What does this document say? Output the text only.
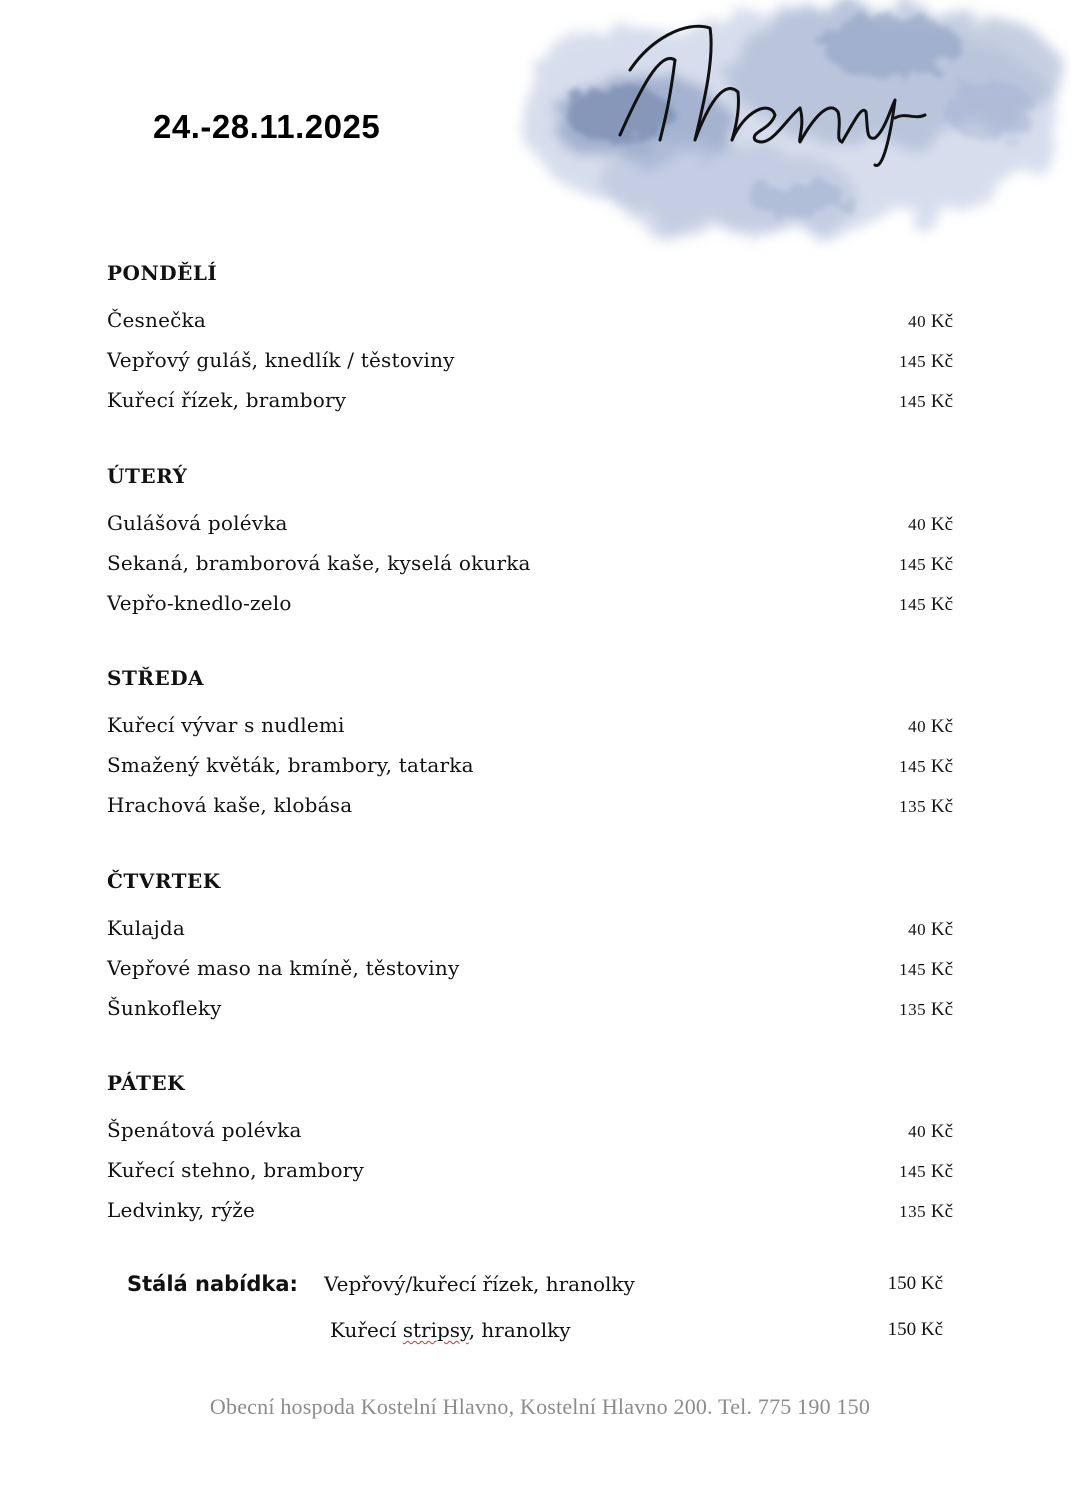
24.-28.11.2025
PONDĚLÍ
Česnečka	40 Kč
Vepřový guláš, knedlík / těstoviny	145 Kč
Kuřecí řízek, brambory	145 Kč
ÚTERÝ
Gulášová polévka	40 Kč
Sekaná, bramborová kaše, kyselá okurka	145 Kč
Vepřo-knedlo-zelo	145 Kč
STŘEDA
Kuřecí vývar s nudlemi	40 Kč
Smažený květák, brambory, tatarka	145 Kč
Hrachová kaše, klobása	135 Kč
ČTVRTEK
Kulajda	40 Kč
Vepřové maso na kmíně, těstoviny	145 Kč
Šunkofleky	135 Kč
PÁTEK
Špenátová polévka	40 Kč
Kuřecí stehno, brambory	145 Kč
Ledvinky, rýže	135 Kč
Stálá nabídka: Vepřový/kuřecí řízek, hranolky	150 Kč
Kuřecí stripsy, hranolky	150 Kč
Obecní hospoda Kostelní Hlavno, Kostelní Hlavno 200. Tel. 775 190 150
